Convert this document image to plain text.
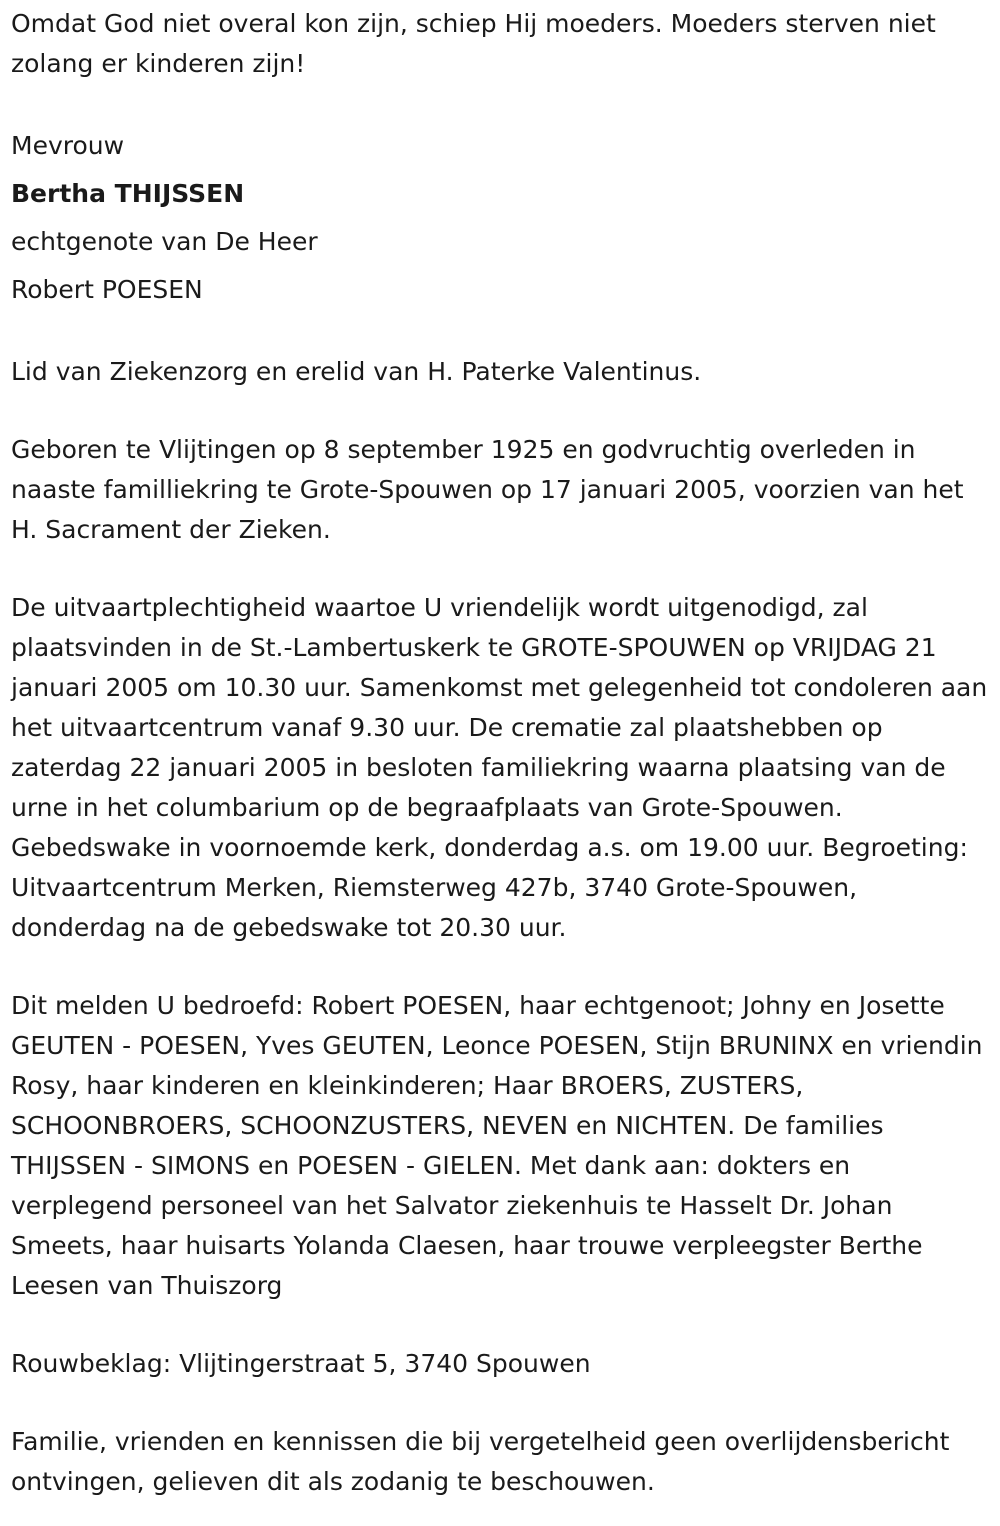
Omdat God niet overal kon zijn, schiep Hij moeders. Moeders sterven niet zolang er kinderen zijn!

Mevrouw

Bertha THIJSSEN

echtgenote van De Heer

Robert POESEN

Lid van Ziekenzorg en erelid van H. Paterke Valentinus.

Geboren te Vlijtingen op 8 september 1925 en godvruchtig overleden in naaste familliekring te Grote-Spouwen op 17 januari 2005, voorzien van het H. Sacrament der Zieken.

De uitvaartplechtigheid waartoe U vriendelijk wordt uitgenodigd, zal plaatsvinden in de St.-Lambertuskerk te GROTE-SPOUWEN op VRIJDAG 21 januari 2005 om 10.30 uur. Samenkomst met gelegenheid tot condoleren aan het uitvaartcentrum vanaf 9.30 uur. De crematie zal plaatshebben op zaterdag 22 januari 2005 in besloten familiekring waarna plaatsing van de urne in het columbarium op de begraafplaats van Grote-Spouwen. Gebedswake in voornoemde kerk, donderdag a.s. om 19.00 uur. Begroeting: Uitvaartcentrum Merken, Riemsterweg 427b, 3740 Grote-Spouwen, donderdag na de gebedswake tot 20.30 uur.

Dit melden U bedroefd: Robert POESEN, haar echtgenoot; Johny en Josette GEUTEN - POESEN, Yves GEUTEN, Leonce POESEN, Stijn BRUNINX en vriendin Rosy, haar kinderen en kleinkinderen; Haar BROERS, ZUSTERS, SCHOONBROERS, SCHOONZUSTERS, NEVEN en NICHTEN. De families THIJSSEN - SIMONS en POESEN - GIELEN. Met dank aan: dokters en verplegend personeel van het Salvator ziekenhuis te Hasselt Dr. Johan Smeets, haar huisarts Yolanda Claesen, haar trouwe verpleegster Berthe Leesen van Thuiszorg

Rouwbeklag: Vlijtingerstraat 5, 3740 Spouwen

Familie, vrienden en kennissen die bij vergetelheid geen overlijdensbericht ontvingen, gelieven dit als zodanig te beschouwen.
